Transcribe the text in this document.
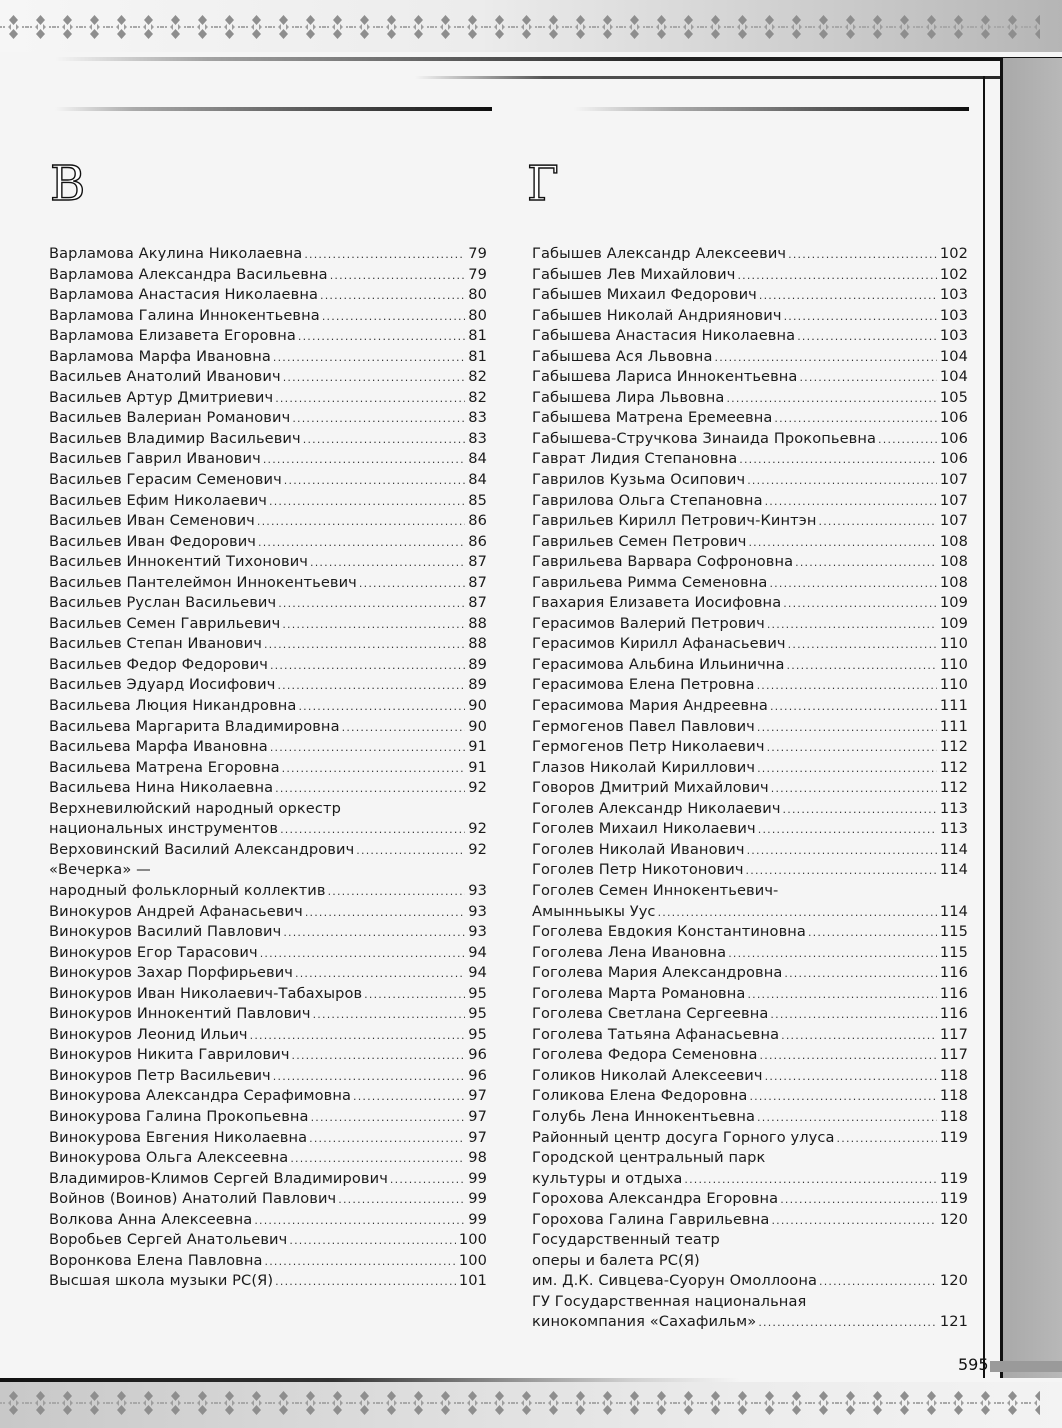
В	Г
Варламова Акулина Николаевна .....	79
Варламова Александра Васильевна .....	79
Варламова Анастасия Николаевна .....	80
Варламова Галина Иннокентьевна .....	80
Варламова Елизавета Егоровна .....	81
Варламова Марфа Ивановна .....	81
Васильев Анатолий Иванович .....	82
Васильев Артур Дмитриевич .....	82
Васильев Валериан Романович .....	83
Васильев Владимир Васильевич .....	83
Васильев Гаврил Иванович .....	84
Васильев Герасим Семенович .....	84
Васильев Ефим Николаевич .....	85
Васильев Иван Семенович .....	86
Васильев Иван Федорович .....	86
Васильев Иннокентий Тихонович .....	87
Васильев Пантелеймон Иннокентьевич .....	87
Васильев Руслан Васильевич .....	87
Васильев Семен Гаврильевич .....	88
Васильев Степан Иванович .....	88
Васильев Федор Федорович .....	89
Васильев Эдуард Иосифович .....	89
Васильева Люция Никандровна .....	90
Васильева Маргарита Владимировна .....	90
Васильева Марфа Ивановна .....	91
Васильева Матрена Егоровна .....	91
Васильева Нина Николаевна .....	92
Верхневилюйский народный оркестр
национальных инструментов .....	92
Верховинский Василий Александрович .....	92
«Вечерка» —
народный фольклорный коллектив .....	93
Винокуров Андрей Афанасьевич .....	93
Винокуров Василий Павлович .....	93
Винокуров Егор Тарасович .....	94
Винокуров Захар Порфирьевич .....	94
Винокуров Иван Николаевич-Табахыров .....	95
Винокуров Иннокентий Павлович .....	95
Винокуров Леонид Ильич .....	95
Винокуров Никита Гаврилович .....	96
Винокуров Петр Васильевич .....	96
Винокурова Александра Серафимовна .....	97
Винокурова Галина Прокопьевна .....	97
Винокурова Евгения Николаевна .....	97
Винокурова Ольга Алексеевна .....	98
Владимиров-Климов Сергей Владимирович .....	99
Войнов (Воинов) Анатолий Павлович .....	99
Волкова Анна Алексеевна .....	99
Воробьев Сергей Анатольевич .....	100
Воронкова Елена Павловна .....	100
Высшая школа музыки РС(Я) .....	101
Габышев Александр Алексеевич .....	102
Габышев Лев Михайлович .....	102
Габышев Михаил Федорович .....	103
Габышев Николай Андриянович .....	103
Габышева Анастасия Николаевна .....	103
Габышева Ася Львовна .....	104
Габышева Лариса Иннокентьевна .....	104
Габышева Лира Львовна .....	105
Габышева Матрена Еремеевна .....	106
Габышева-Стручкова Зинаида Прокопьевна .....	106
Гаврат Лидия Степановна .....	106
Гаврилов Кузьма Осипович .....	107
Гаврилова Ольга Степановна .....	107
Гаврильев Кирилл Петрович-Кинтэн .....	107
Гаврильев Семен Петрович .....	108
Гаврильева Варвара Софроновна .....	108
Гаврильева Римма Семеновна .....	108
Гвахария Елизавета Иосифовна .....	109
Герасимов Валерий Петрович .....	109
Герасимов Кирилл Афанасьевич .....	110
Герасимова Альбина Ильинична .....	110
Герасимова Елена Петровна .....	110
Герасимова Мария Андреевна .....	111
Гермогенов Павел Павлович .....	111
Гермогенов Петр Николаевич .....	112
Глазов Николай Кириллович .....	112
Говоров Дмитрий Михайлович .....	112
Гоголев Александр Николаевич .....	113
Гоголев Михаил Николаевич .....	113
Гоголев Николай Иванович .....	114
Гоголев Петр Никотонович .....	114
Гоголев Семен Иннокентьевич-
Амынньыкы Уус .....	114
Гоголева Евдокия Константиновна .....	115
Гоголева Лена Ивановна .....	115
Гоголева Мария Александровна .....	116
Гоголева Марта Романовна .....	116
Гоголева Светлана Сергеевна .....	116
Гоголева Татьяна Афанасьевна .....	117
Гоголева Федора Семеновна .....	117
Голиков Николай Алексеевич .....	118
Голикова Елена Федоровна .....	118
Голубь Лена Иннокентьевна .....	118
Районный центр досуга Горного улуса .....	119
Городской центральный парк
культуры и отдыха .....	119
Горохова Александра Егоровна .....	119
Горохова Галина Гаврильевна .....	120
Государственный театр
оперы и балета РС(Я)
им. Д.К. Сивцева-Суорун Омоллоона .....	120
ГУ Государственная национальная
кинокомпания «Сахафильм» .....	121
595
